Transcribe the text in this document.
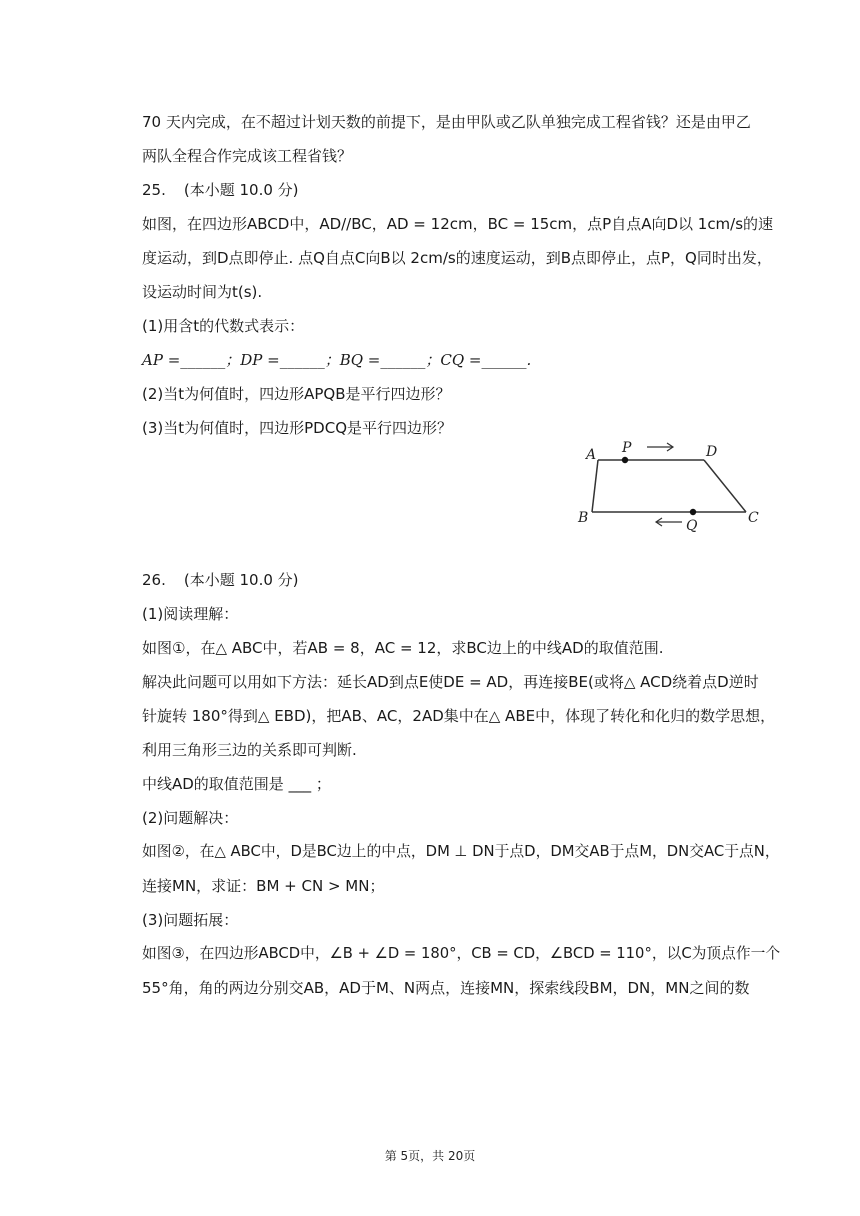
70 天内完成，在不超过计划天数的前提下，是由甲队或乙队单独完成工程省钱？还是由甲乙
两队全程合作完成该工程省钱？
25. (本小题 10.0 分)
如图，在四边形ABCD中，AD//BC，AD = 12cm，BC = 15cm，点P自点A向D以 1cm/s的速
度运动，到D点即停止. 点Q自点C向B以 2cm/s的速度运动，到B点即停止，点P，Q同时出发，
设运动时间为t(s).
(1)用含t的代数式表示：
AP =______；DP =______；BQ =______；CQ =______.
(2)当t为何值时，四边形APQB是平行四边形？
(3)当t为何值时，四边形PDCQ是平行四边形？
A P	D
B	Q	C
26. (本小题 10.0 分)
(1)阅读理解：
如图①，在△ ABC中，若AB = 8，AC = 12，求BC边上的中线AD的取值范围.
解决此问题可以用如下方法：延长AD到点E使DE = AD，再连接BE(或将△ ACD绕着点D逆时
针旋转 180°得到△ EBD)，把AB、AC，2AD集中在△ ABE中，体现了转化和化归的数学思想，
利用三角形三边的关系即可判断.
中线AD的取值范围是 ___ ；
(2)问题解决：
如图②，在△ ABC中，D是BC边上的中点，DM ⊥ DN于点D，DM交AB于点M，DN交AC于点N，
连接MN，求证：BM + CN > MN；
(3)问题拓展：
如图③，在四边形ABCD中，∠B + ∠D = 180°，CB = CD，∠BCD = 110°，以C为顶点作一个
55°角，角的两边分别交AB，AD于M、N两点，连接MN，探索线段BM，DN，MN之间的数
第 5页，共 20页
